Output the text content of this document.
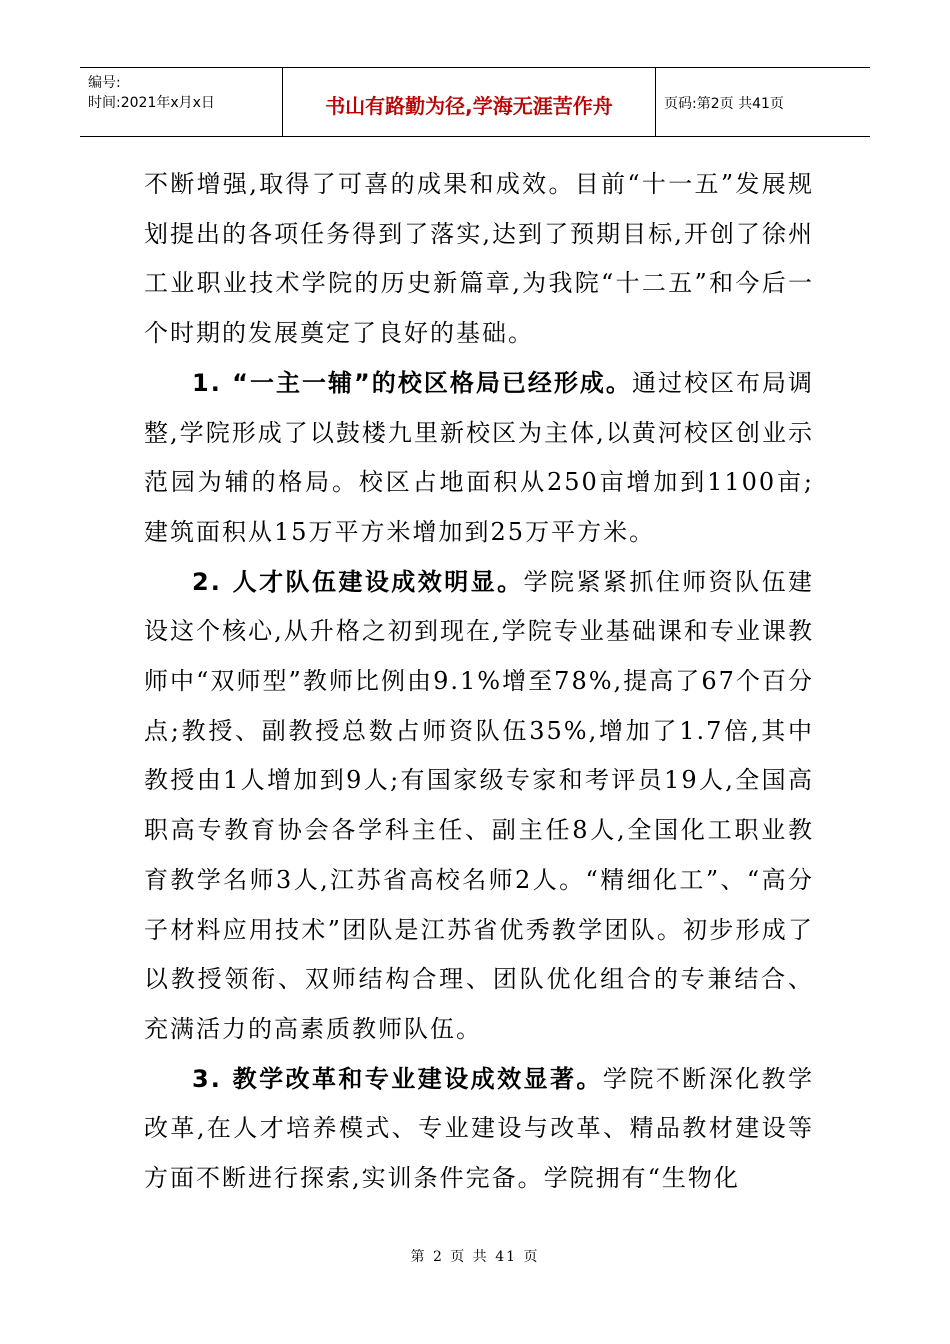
编号:
时间:2021年x月x日	书山有路勤为径,学海无涯苦作舟	页码:第2页 共41页

不断增强,取得了可喜的成果和成效。目前“十一五”发展规划提出的各项任务得到了落实,达到了预期目标,开创了徐州工业职业技术学院的历史新篇章,为我院“十二五”和今后一个时期的发展奠定了良好的基础。

1. “一主一辅”的校区格局已经形成。通过校区布局调整,学院形成了以鼓楼九里新校区为主体,以黄河校区创业示范园为辅的格局。校区占地面积从250亩增加到1100亩;建筑面积从15万平方米增加到25万平方米。

2. 人才队伍建设成效明显。学院紧紧抓住师资队伍建设这个核心,从升格之初到现在,学院专业基础课和专业课教师中“双师型”教师比例由9.1%增至78%,提高了67个百分点;教授、副教授总数占师资队伍35%,增加了1.7倍,其中教授由1人增加到9人;有国家级专家和考评员19人,全国高职高专教育协会各学科主任、副主任8人,全国化工职业教育教学名师3人,江苏省高校名师2人。“精细化工”、“高分子材料应用技术”团队是江苏省优秀教学团队。初步形成了以教授领衔、双师结构合理、团队优化组合的专兼结合、充满活力的高素质教师队伍。

3. 教学改革和专业建设成效显著。学院不断深化教学改革,在人才培养模式、专业建设与改革、精品教材建设等方面不断进行探索,实训条件完备。学院拥有“生物化

第 2 页 共 41 页
